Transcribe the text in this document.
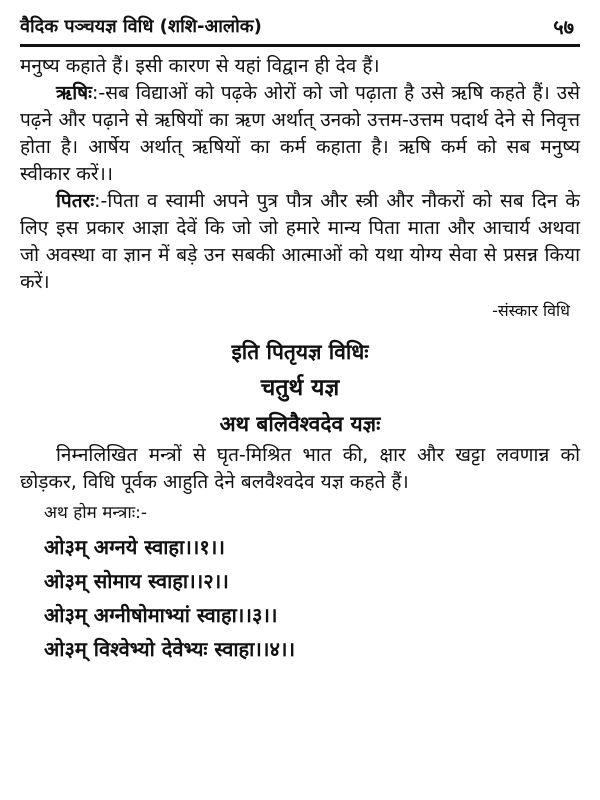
वैदिक पञ्चयज्ञ विधि (शशि-आलोक)	५७

मनुष्य कहाते हैं। इसी कारण से यहां विद्वान ही देव हैं।

ऋषिः:-सब विद्याओं को पढ़के ओरों को जो पढ़ाता है उसे ऋषि कहते हैं। उसे पढ़ने और पढ़ाने से ऋषियों का ऋण अर्थात् उनको उत्तम-उत्तम पदार्थ देने से निवृत्त होता है। आर्षेय अर्थात् ऋषियों का कर्म कहाता है। ऋषि कर्म को सब मनुष्य स्वीकार करें।।

पितरः:-पिता व स्वामी अपने पुत्र पौत्र और स्त्री और नौकरों को सब दिन के लिए इस प्रकार आज्ञा देवें कि जो जो हमारे मान्य पिता माता और आचार्य अथवा जो अवस्था वा ज्ञान में बड़े उन सबकी आत्माओं को यथा योग्य सेवा से प्रसन्न किया करें।

-संस्कार विधि

इति पितृयज्ञ विधिः

चतुर्थ यज्ञ

अथ बलिवैश्वदेव यज्ञः

निम्नलिखित मन्त्रों से घृत-मिश्रित भात की, क्षार और खट्टा लवणान्न को छोड़कर, विधि पूर्वक आहुति देने बलवैश्वदेव यज्ञ कहते हैं।

अथ होम मन्त्राः:-

ओ३म् अग्नये स्वाहा।।१।।

ओ३म् सोमाय स्वाहा।।२।।

ओ३म् अग्नीषोमाभ्यां स्वाहा।।३।।

ओ३म् विश्वेभ्यो देवेभ्यः स्वाहा।।४।।
